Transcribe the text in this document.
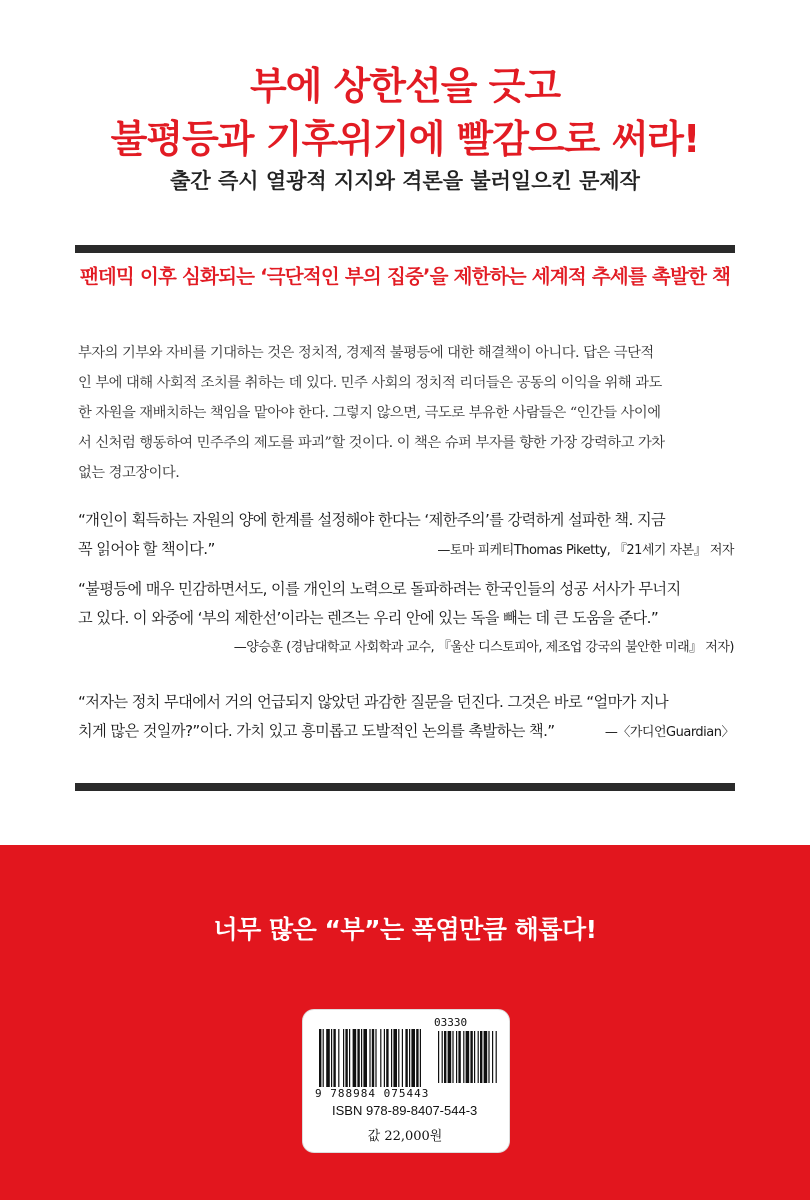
부에 상한선을 긋고
불평등과 기후위기에 빨감으로 써라!
출간 즉시 열광적 지지와 격론을 불러일으킨 문제작
팬데믹 이후 심화되는 ‘극단적인 부의 집중’을 제한하는 세계적 추세를 촉발한 책
부자의 기부와 자비를 기대하는 것은 정치적, 경제적 불평등에 대한 해결책이 아니다. 답은 극단적
인 부에 대해 사회적 조치를 취하는 데 있다. 민주 사회의 정치적 리더들은 공동의 이익을 위해 과도
한 자원을 재배치하는 책임을 맡아야 한다. 그렇지 않으면, 극도로 부유한 사람들은 “인간들 사이에
서 신처럼 행동하여 민주주의 제도를 파괴”할 것이다. 이 책은 슈퍼 부자를 향한 가장 강력하고 가차
없는 경고장이다.
“개인이 획득하는 자원의 양에 한계를 설정해야 한다는 ‘제한주의’를 강력하게 설파한 책. 지금
꼭 읽어야 할 책이다.”	—토마 피케티Thomas Piketty, 『21세기 자본』 저자
“불평등에 매우 민감하면서도, 이를 개인의 노력으로 돌파하려는 한국인들의 성공 서사가 무너지
고 있다. 이 와중에 ‘부의 제한선’이라는 렌즈는 우리 안에 있는 독을 빼는 데 큰 도움을 준다.”
—양승훈 (경남대학교 사회학과 교수, 『울산 디스토피아, 제조업 강국의 불안한 미래』 저자)
“저자는 정치 무대에서 거의 언급되지 않았던 과감한 질문을 던진다. 그것은 바로 “얼마가 지나
치게 많은 것일까?”이다. 가치 있고 흥미롭고 도발적인 논의를 촉발하는 책.”	—〈가디언Guardian〉
너무 많은 “부”는 폭염만큼 해롭다!
03330
9 788984 075443
ISBN 978-89-8407-544-3
값 22,000원
